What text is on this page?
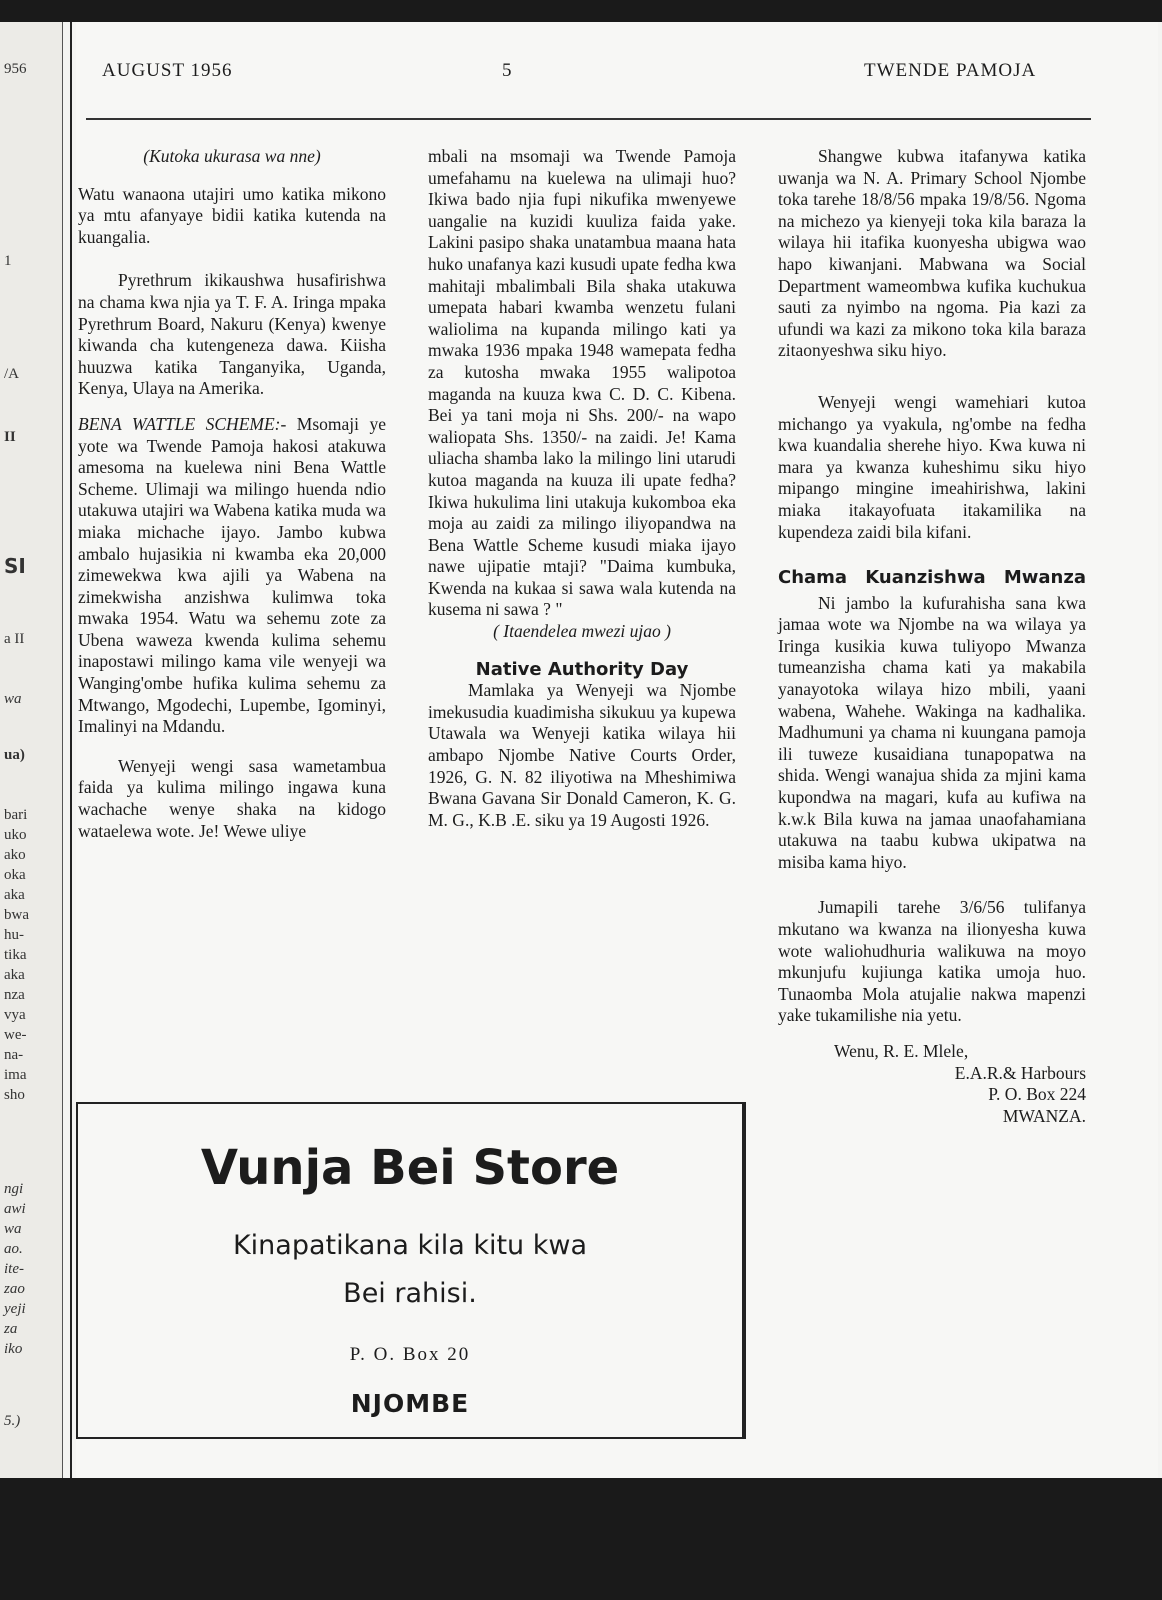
956
1
/A
II
SI
a II
wa
ua)
bari
uko
ako
oka
aka
bwa
hu-
tika
aka
nza
vya
we-
na-
ima
sho
ngi
awi
wa
ao.
ite-
zao
yeji
za
iko
5.)
AUGUST 1956	5	TWENDE PAMOJA

(Kutoka ukurasa wa nne)

Watu wanaona utajiri umo katika mikono ya mtu afanyaye bidii katika kutenda na kuangalia.

Pyrethrum ikikaushwa husafirishwa na chama kwa njia ya T. F. A. Iringa mpaka Pyrethrum Board, Nakuru (Kenya) kwenye kiwanda cha kutengeneza dawa. Kiisha huuzwa katika Tanganyika, Uganda, Kenya, Ulaya na Amerika.

BENA WATTLE SCHEME:- Msomaji ye yote wa Twende Pamoja hakosi atakuwa amesoma na kuelewa nini Bena Wattle Scheme. Ulimaji wa milingo huenda ndio utakuwa utajiri wa Wabena katika muda wa miaka michache ijayo. Jambo kubwa ambalo hujasikia ni kwamba eka 20,000 zimewekwa kwa ajili ya Wabena na zimekwisha anzishwa kulimwa toka mwaka 1954. Watu wa sehemu zote za Ubena waweza kwenda kulima sehemu inapostawi milingo kama vile wenyeji wa Wanging'ombe hufika kulima sehemu za Mtwango, Mgodechi, Lupembe, Igominyi, Imalinyi na Mdandu.

Wenyeji wengi sasa wametambua faida ya kulima milingo ingawa kuna wachache wenye shaka na kidogo wataelewa wote. Je! Wewe uliye

mbali na msomaji wa Twende Pamoja umefahamu na kuelewa na ulimaji huo? Ikiwa bado njia fupi nikufika mwenyewe uangalie na kuzidi kuuliza faida yake. Lakini pasipo shaka unatambua maana hata huko unafanya kazi kusudi upate fedha kwa mahitaji mbalimbali Bila shaka utakuwa umepata habari kwamba wenzetu fulani waliolima na kupanda milingo kati ya mwaka 1936 mpaka 1948 wamepata fedha za kutosha mwaka 1955 walipotoa maganda na kuuza kwa C. D. C. Kibena. Bei ya tani moja ni Shs. 200/- na wapo waliopata Shs. 1350/- na zaidi. Je! Kama uliacha shamba lako la milingo lini utarudi kutoa maganda na kuuza ili upate fedha? Ikiwa hukulima lini utakuja kukomboa eka moja au zaidi za milingo iliyopandwa na Bena Wattle Scheme kusudi miaka ijayo nawe ujipatie mtaji? "Daima kumbuka, Kwenda na kukaa si sawa wala kutenda na kusema ni sawa ? "

( Itaendelea mwezi ujao )

Native Authority Day

Mamlaka ya Wenyeji wa Njombe imekusudia kuadimisha sikukuu ya kupewa Utawala wa Wenyeji katika wilaya hii ambapo Njombe Native Courts Order, 1926, G. N. 82 iliyotiwa na Mheshimiwa Bwana Gavana Sir Donald Cameron, K. G. M. G., K.B .E. siku ya 19 Augosti 1926.

Shangwe kubwa itafanywa katika uwanja wa N. A. Primary School Njombe toka tarehe 18/8/56 mpaka 19/8/56. Ngoma na michezo ya kienyeji toka kila baraza la wilaya hii itafika kuonyesha ubigwa wao hapo kiwanjani. Mabwana wa Social Department wameombwa kufika kuchukua sauti za nyimbo na ngoma. Pia kazi za ufundi wa kazi za mikono toka kila baraza zitaonyeshwa siku hiyo.

Wenyeji wengi wamehiari kutoa michango ya vyakula, ng'ombe na fedha kwa kuandalia sherehe hiyo. Kwa kuwa ni mara ya kwanza kuheshimu siku hiyo mipango mingine imeahirishwa, lakini miaka itakayofuata itakamilika na kupendeza zaidi bila kifani.

Chama Kuanzishwa Mwanza

Ni jambo la kufurahisha sana kwa jamaa wote wa Njombe na wa wilaya ya Iringa kusikia kuwa tuliyopo Mwanza tumeanzisha chama kati ya makabila yanayotoka wilaya hizo mbili, yaani wabena, Wahehe. Wakinga na kadhalika. Madhumuni ya chama ni kuungana pamoja ili tuweze kusaidiana tunapopatwa na shida. Wengi wanajua shida za mjini kama kupondwa na magari, kufa au kufiwa na k.w.k Bila kuwa na jamaa unaofahamiana utakuwa na taabu kubwa ukipatwa na misiba kama hiyo.

Jumapili tarehe 3/6/56 tulifanya mkutano wa kwanza na ilionyesha kuwa wote waliohudhuria walikuwa na moyo mkunjufu kujiunga katika umoja huo. Tunaomba Mola atujalie nakwa mapenzi yake tukamilishe nia yetu.

Wenu, R. E. Mlele,

E.A.R.& Harbours

P. O. Box 224

MWANZA.

Vunja Bei Store
Kinapatikana kila kitu kwa
Bei rahisi.
P. O. Box 20
NJOMBE
